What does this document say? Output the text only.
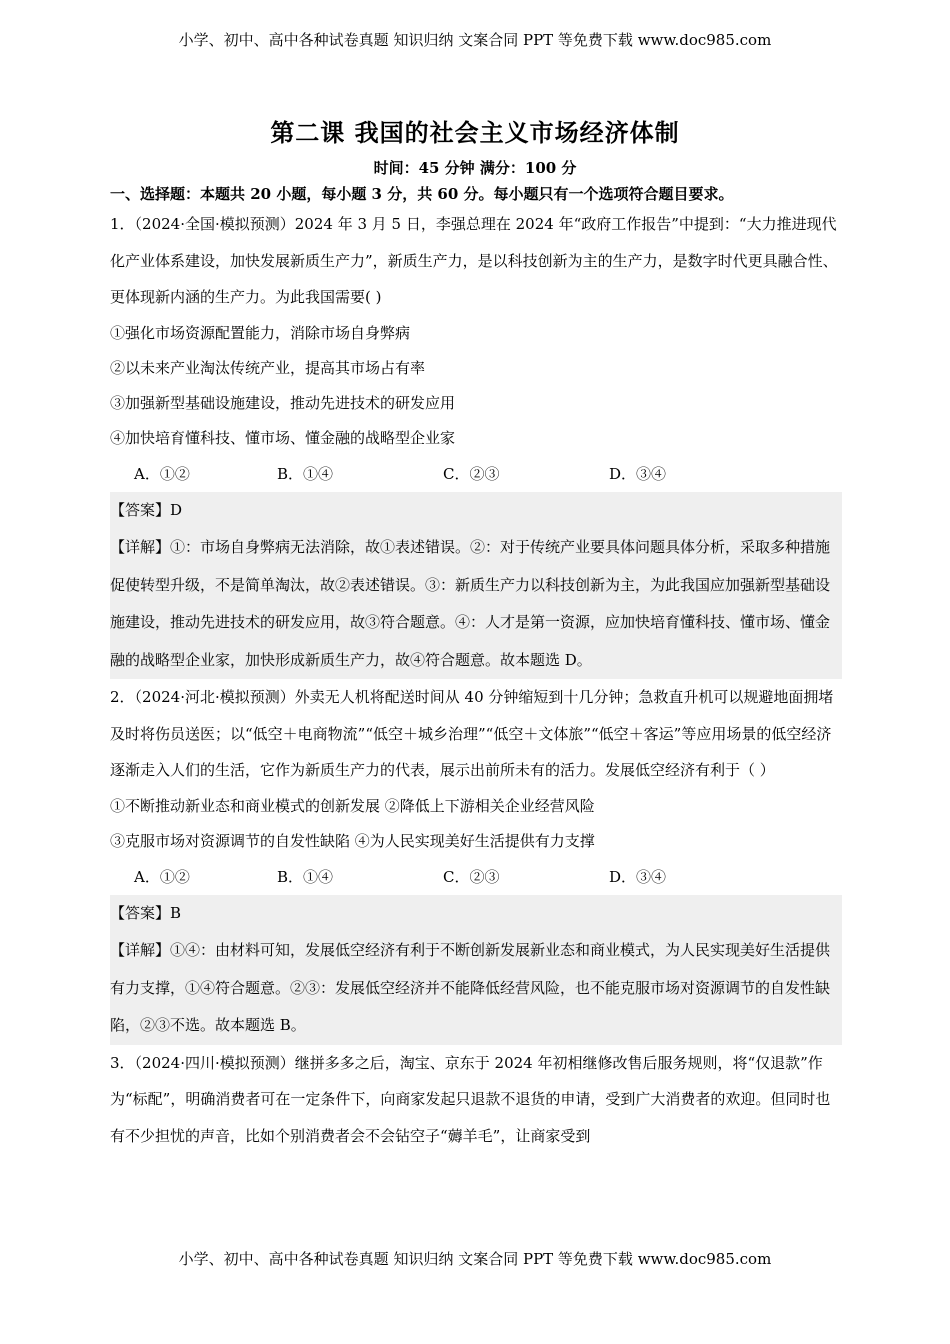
小学、初中、高中各种试卷真题 知识归纳 文案合同 PPT 等免费下载 www.doc985.com
第二课 我国的社会主义市场经济体制
时间：45 分钟 满分：100 分
一、选择题：本题共 20 小题，每小题 3 分，共 60 分。每小题只有一个选项符合题目要求。
1．（2024·全国·模拟预测）2024 年 3 月 5 日，李强总理在 2024 年“政府工作报告”中提到：“大力推进现代化产业体系建设，加快发展新质生产力”，新质生产力，是以科技创新为主的生产力，是数字时代更具融合性、更体现新内涵的生产力。为此我国需要( )
①强化市场资源配置能力，消除市场自身弊病
②以未来产业淘汰传统产业，提高其市场占有率
③加强新型基础设施建设，推动先进技术的研发应用
④加快培育懂科技、懂市场、懂金融的战略型企业家
A．①②	B．①④	C．②③	D．③④
【答案】D
【详解】①：市场自身弊病无法消除，故①表述错误。②：对于传统产业要具体问题具体分析，采取多种措施促使转型升级，不是简单淘汰，故②表述错误。③：新质生产力以科技创新为主，为此我国应加强新型基础设施建设，推动先进技术的研发应用，故③符合题意。④：人才是第一资源，应加快培育懂科技、懂市场、懂金融的战略型企业家，加快形成新质生产力，故④符合题意。故本题选 D。
2．（2024·河北·模拟预测）外卖无人机将配送时间从 40 分钟缩短到十几分钟；急救直升机可以规避地面拥堵及时将伤员送医；以“低空＋电商物流”“低空＋城乡治理”“低空＋文体旅”“低空＋客运”等应用场景的低空经济逐渐走入人们的生活，它作为新质生产力的代表，展示出前所未有的活力。发展低空经济有利于（ ）
①不断推动新业态和商业模式的创新发展 ②降低上下游相关企业经营风险
③克服市场对资源调节的自发性缺陷 ④为人民实现美好生活提供有力支撑
A．①②	B．①④	C．②③	D．③④
【答案】B
【详解】①④：由材料可知，发展低空经济有利于不断创新发展新业态和商业模式，为人民实现美好生活提供有力支撑，①④符合题意。②③：发展低空经济并不能降低经营风险，也不能克服市场对资源调节的自发性缺陷，②③不选。故本题选 B。
3．（2024·四川·模拟预测）继拼多多之后，淘宝、京东于 2024 年初相继修改售后服务规则，将“仅退款”作为“标配”，明确消费者可在一定条件下，向商家发起只退款不退货的申请，受到广大消费者的欢迎。但同时也有不少担忧的声音，比如个别消费者会不会钻空子“薅羊毛”，让商家受到
小学、初中、高中各种试卷真题 知识归纳 文案合同 PPT 等免费下载 www.doc985.com
